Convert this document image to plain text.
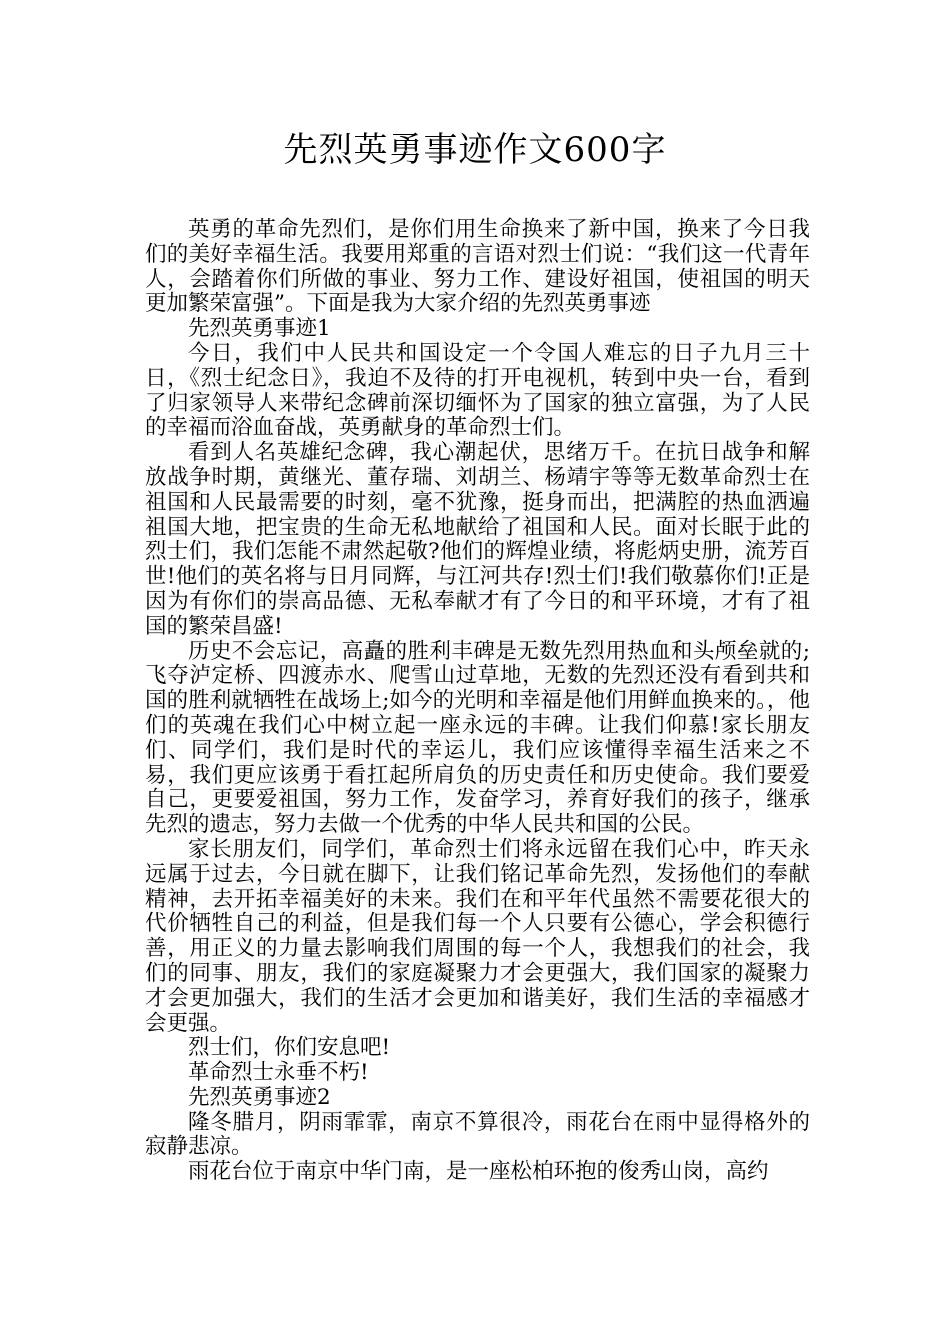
先烈英勇事迹作文600字

英勇的革命先烈们，是你们用生命换来了新中国，换来了今日我们的美好幸福生活。我要用郑重的言语对烈士们说：“我们这一代青年人，会踏着你们所做的事业、努力工作、建设好祖国，使祖国的明天更加繁荣富强”。下面是我为大家介绍的先烈英勇事迹

先烈英勇事迹1

今日，我们中人民共和国设定一个令国人难忘的日子九月三十日，《烈士纪念日》，我迫不及待的打开电视机，转到中央一台，看到了归家领导人来带纪念碑前深切缅怀为了国家的独立富强，为了人民的幸福而浴血奋战，英勇献身的革命烈士们。

看到人名英雄纪念碑，我心潮起伏，思绪万千。在抗日战争和解放战争时期，黄继光、董存瑞、刘胡兰、杨靖宇等等无数革命烈士在祖国和人民最需要的时刻，毫不犹豫，挺身而出，把满腔的热血洒遍祖国大地，把宝贵的生命无私地献给了祖国和人民。面对长眠于此的烈士们，我们怎能不肃然起敬?他们的辉煌业绩，将彪炳史册，流芳百世!他们的英名将与日月同辉，与江河共存!烈士们!我们敬慕你们!正是因为有你们的崇高品德、无私奉献才有了今日的和平环境，才有了祖国的繁荣昌盛!

历史不会忘记，高矗的胜利丰碑是无数先烈用热血和头颅垒就的;飞夺泸定桥、四渡赤水、爬雪山过草地，无数的先烈还没有看到共和国的胜利就牺牲在战场上;如今的光明和幸福是他们用鲜血换来的。，他们的英魂在我们心中树立起一座永远的丰碑。让我们仰慕!家长朋友们、同学们，我们是时代的幸运儿，我们应该懂得幸福生活来之不易，我们更应该勇于看扛起所肩负的历史责任和历史使命。我们要爱自己，更要爱祖国，努力工作，发奋学习，养育好我们的孩子，继承先烈的遗志，努力去做一个优秀的中华人民共和国的公民。

家长朋友们，同学们，革命烈士们将永远留在我们心中，昨天永远属于过去，今日就在脚下，让我们铭记革命先烈，发扬他们的奉献精神，去开拓幸福美好的未来。我们在和平年代虽然不需要花很大的代价牺牲自己的利益，但是我们每一个人只要有公德心，学会积德行善，用正义的力量去影响我们周围的每一个人，我想我们的社会，我们的同事、朋友，我们的家庭凝聚力才会更强大，我们国家的凝聚力才会更加强大，我们的生活才会更加和谐美好，我们生活的幸福感才会更强。

烈士们，你们安息吧!

革命烈士永垂不朽!

先烈英勇事迹2

隆冬腊月，阴雨霏霏，南京不算很冷，雨花台在雨中显得格外的寂静悲凉。

雨花台位于南京中华门南，是一座松柏环抱的俊秀山岗，高约
